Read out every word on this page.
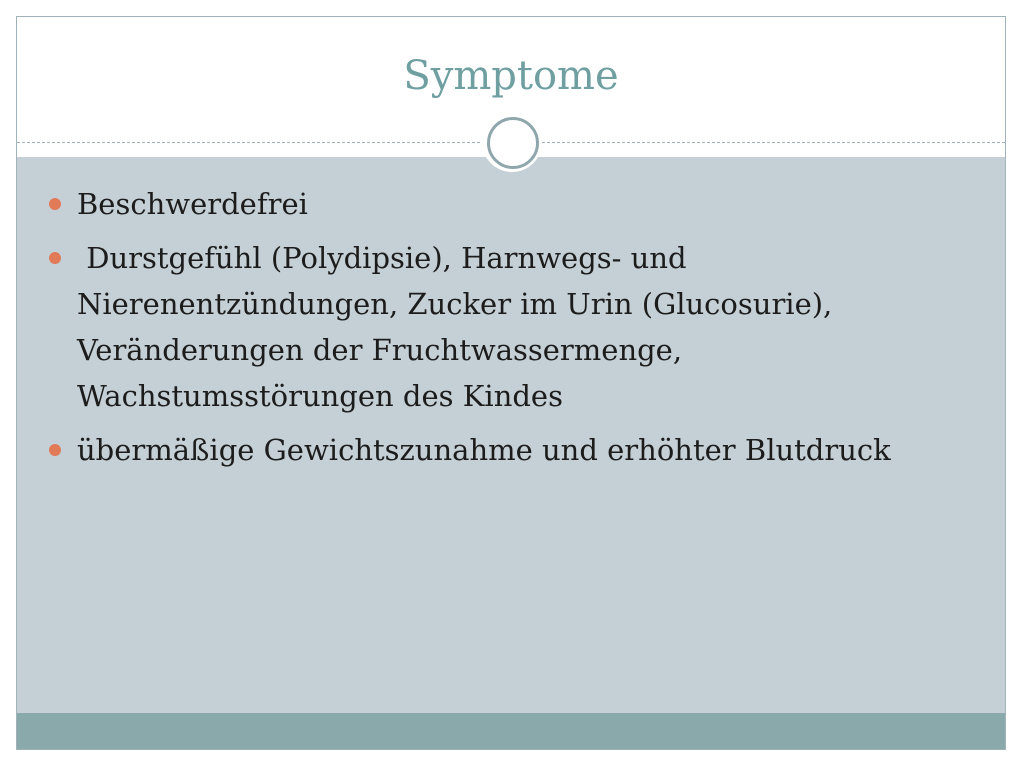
Symptome
Beschwerdefrei
Durstgefühl (Polydipsie), Harnwegs- und Nierenentzündungen, Zucker im Urin (Glucosurie), Veränderungen der Fruchtwassermenge, Wachstumsstörungen des Kindes
übermäßige Gewichtszunahme und erhöhter Blutdruck
